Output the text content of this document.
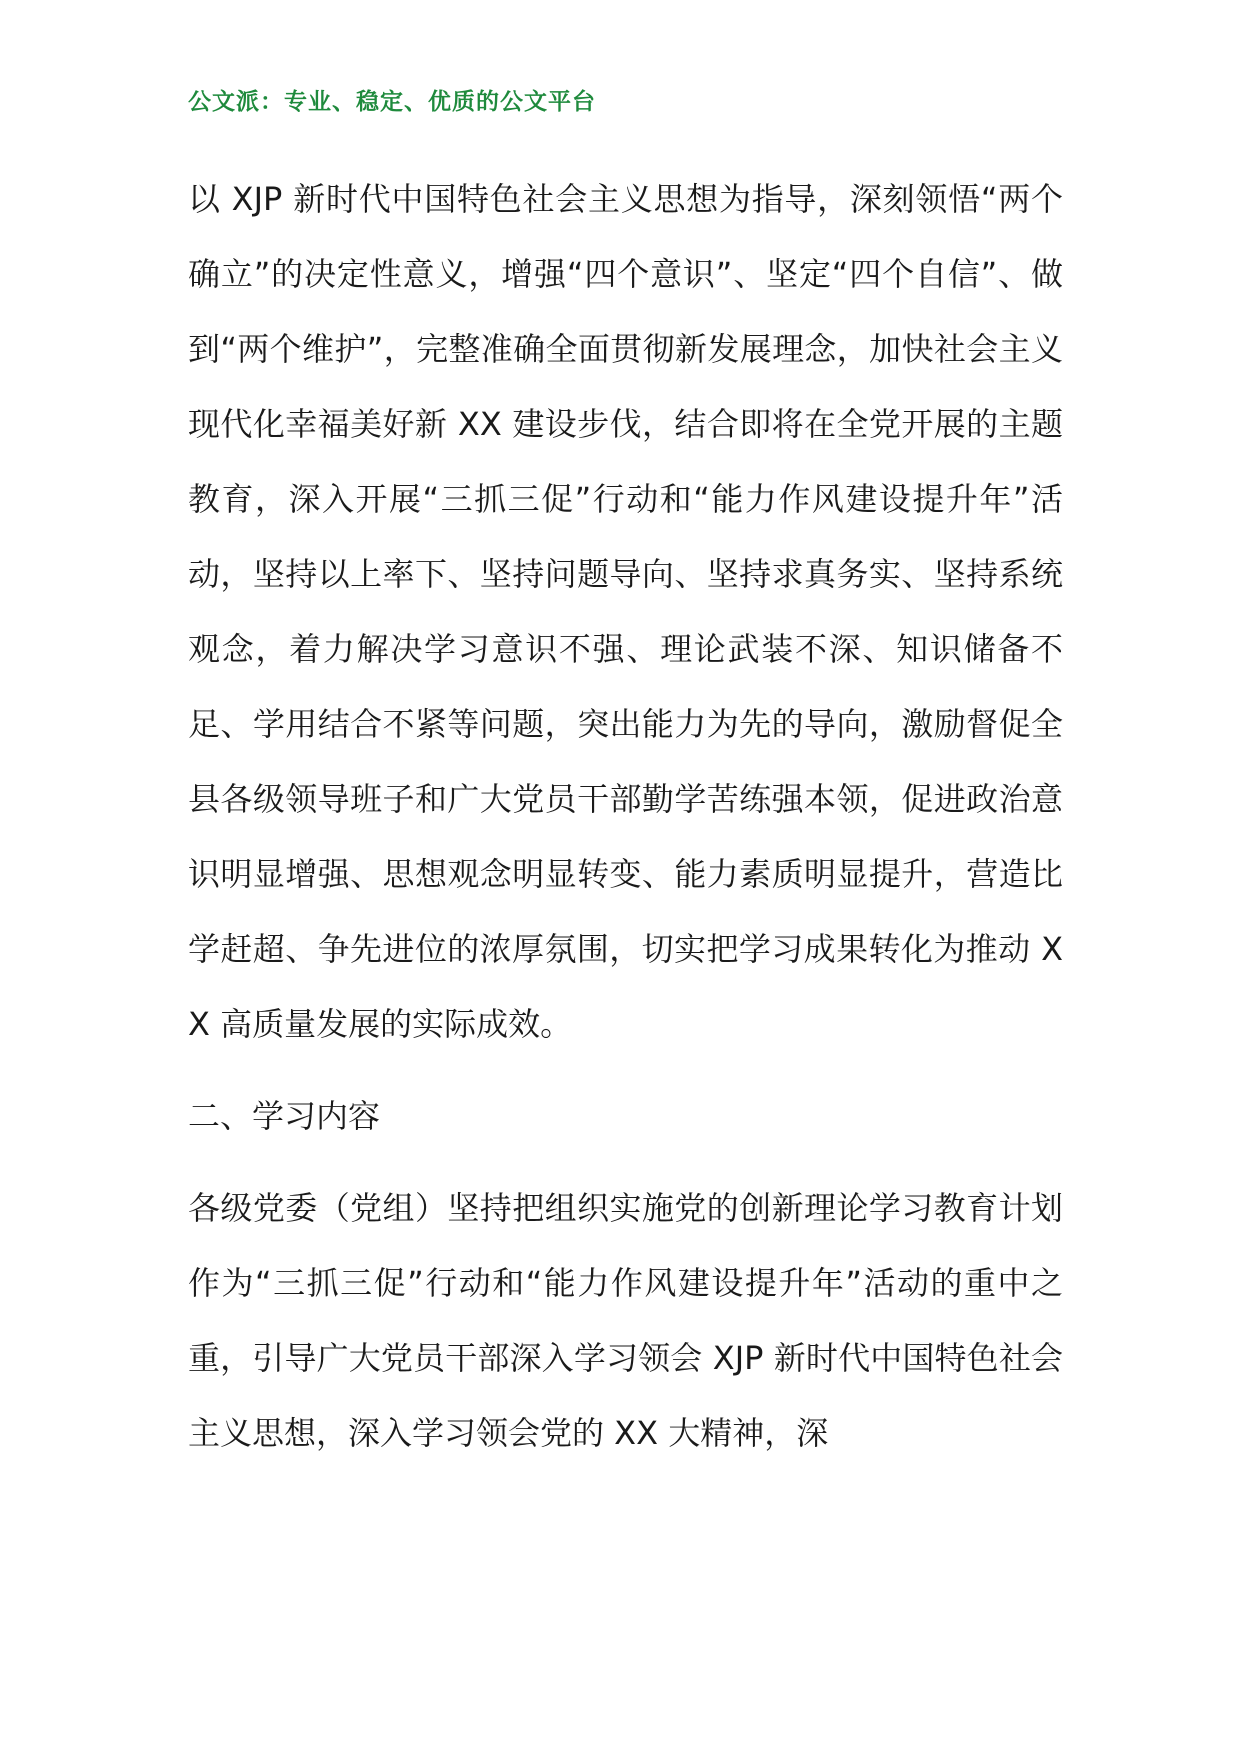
公文派：专业、稳定、优质的公文平台

以 XJP 新时代中国特色社会主义思想为指导，深刻领悟“两个确立”的决定性意义，增强“四个意识”、坚定“四个自信”、做到“两个维护”，完整准确全面贯彻新发展理念，加快社会主义现代化幸福美好新 XX 建设步伐，结合即将在全党开展的主题教育，深入开展“三抓三促”行动和“能力作风建设提升年”活动，坚持以上率下、坚持问题导向、坚持求真务实、坚持系统观念，着力解决学习意识不强、理论武装不深、知识储备不足、学用结合不紧等问题，突出能力为先的导向，激励督促全县各级领导班子和广大党员干部勤学苦练强本领，促进政治意识明显增强、思想观念明显转变、能力素质明显提升，营造比学赶超、争先进位的浓厚氛围，切实把学习成果转化为推动 XX 高质量发展的实际成效。

二、学习内容

各级党委（党组）坚持把组织实施党的创新理论学习教育计划作为“三抓三促”行动和“能力作风建设提升年”活动的重中之重，引导广大党员干部深入学习领会 XJP 新时代中国特色社会主义思想，深入学习领会党的 XX 大精神，深
